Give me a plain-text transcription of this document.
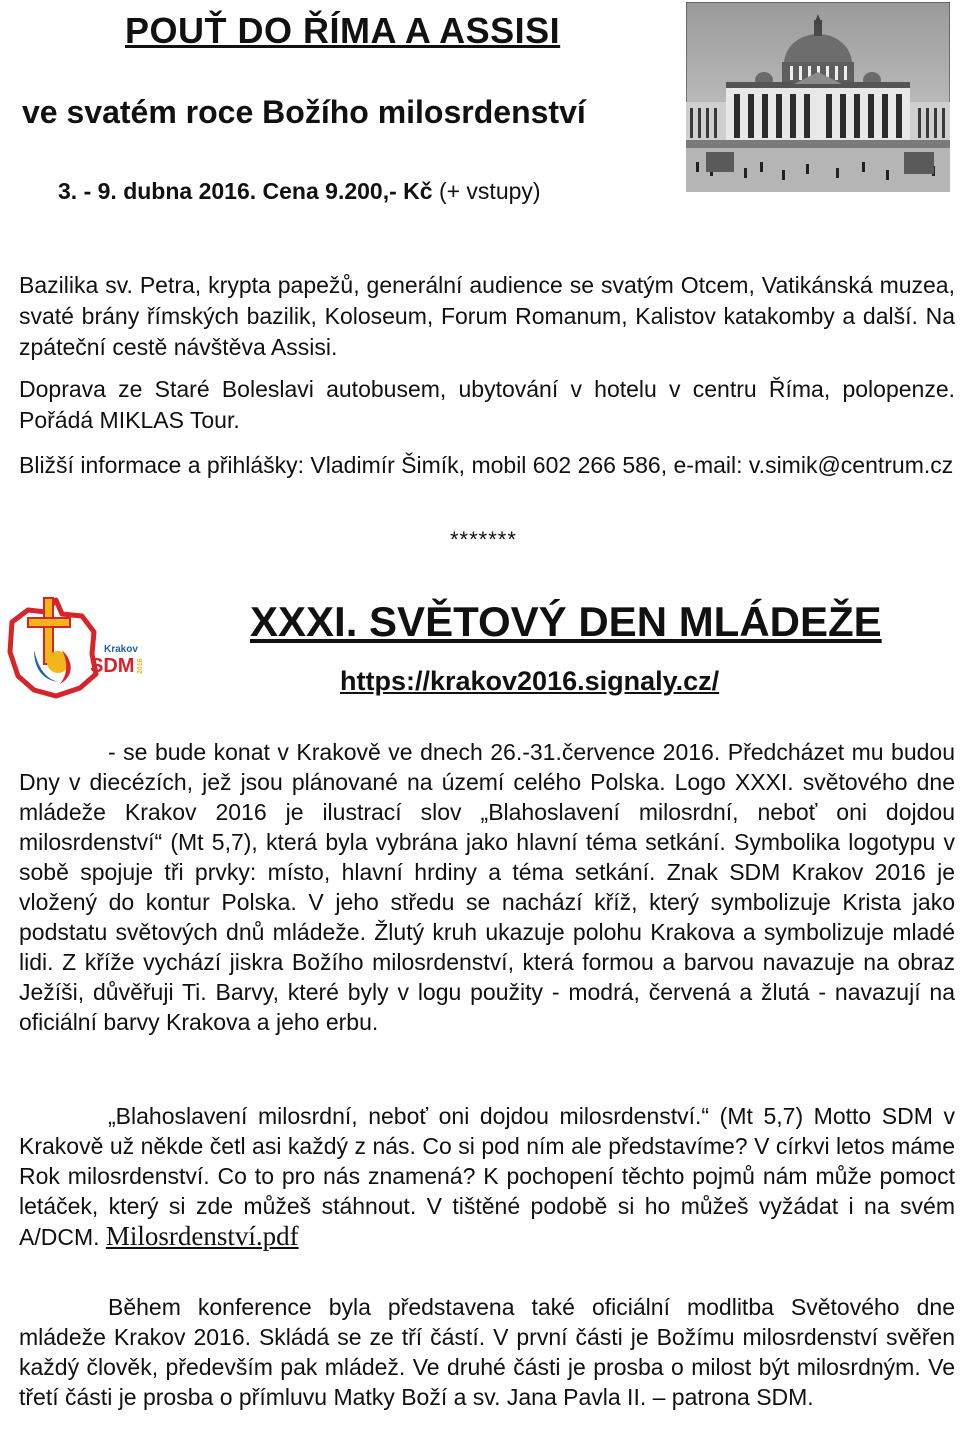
POUŤ DO ŘÍMA A ASSISI
ve svatém roce Božího milosrdenství
3. - 9. dubna 2016. Cena 9.200,- Kč (+ vstupy)
Bazilika sv. Petra, krypta papežů, generální audience se svatým Otcem, Vatikánská muzea, svaté brány římských bazilik, Koloseum, Forum Romanum, Kalistov katakomby a další. Na zpáteční cestě návštěva Assisi.
Doprava ze Staré Boleslavi autobusem, ubytování v hotelu v centru Říma, polopenze. Pořádá MIKLAS Tour.
Bližší informace a přihlášky: Vladimír Šimík, mobil 602 266 586, e-mail: v.simik@centrum.cz
*******
Krakov
SDM 2016
XXXI. SVĚTOVÝ DEN MLÁDEŽE
https://krakov2016.signaly.cz/

- se bude konat v Krakově ve dnech 26.-31.července 2016. Předcházet mu budou Dny v diecézích, jež jsou plánované na území celého Polska. Logo XXXI. světového dne mládeže Krakov 2016 je ilustrací slov „Blahoslavení milosrdní, neboť oni dojdou milosrdenství“ (Mt 5,7), která byla vybrána jako hlavní téma setkání. Symbolika logotypu v sobě spojuje tři prvky: místo, hlavní hrdiny a téma setkání. Znak SDM Krakov 2016 je vložený do kontur Polska. V jeho středu se nachází kříž, který symbolizuje Krista jako podstatu světových dnů mládeže. Žlutý kruh ukazuje polohu Krakova a symbolizuje mladé lidi. Z kříže vychází jiskra Božího milosrdenství, která formou a barvou navazuje na obraz Ježíši, důvěřuji Ti. Barvy, které byly v logu použity - modrá, červená a žlutá - navazují na oficiální barvy Krakova a jeho erbu.

„Blahoslavení milosrdní, neboť oni dojdou milosrdenství.“ (Mt 5,7) Motto SDM v Krakově už někde četl asi každý z nás. Co si pod ním ale představíme? V církvi letos máme Rok milosrdenství. Co to pro nás znamená? K pochopení těchto pojmů nám může pomoct letáček, který si zde můžeš stáhnout. V tištěné podobě si ho můžeš vyžádat i na svém A/DCM. Milosrdenství.pdf

Během konference byla představena také oficiální modlitba Světového dne mládeže Krakov 2016. Skládá se ze tří částí. V první části je Božímu milosrdenství svěřen každý člověk, především pak mládež. Ve druhé části je prosba o milost být milosrdným. Ve třetí části je prosba o přímluvu Matky Boží a sv. Jana Pavla II. – patrona SDM.
